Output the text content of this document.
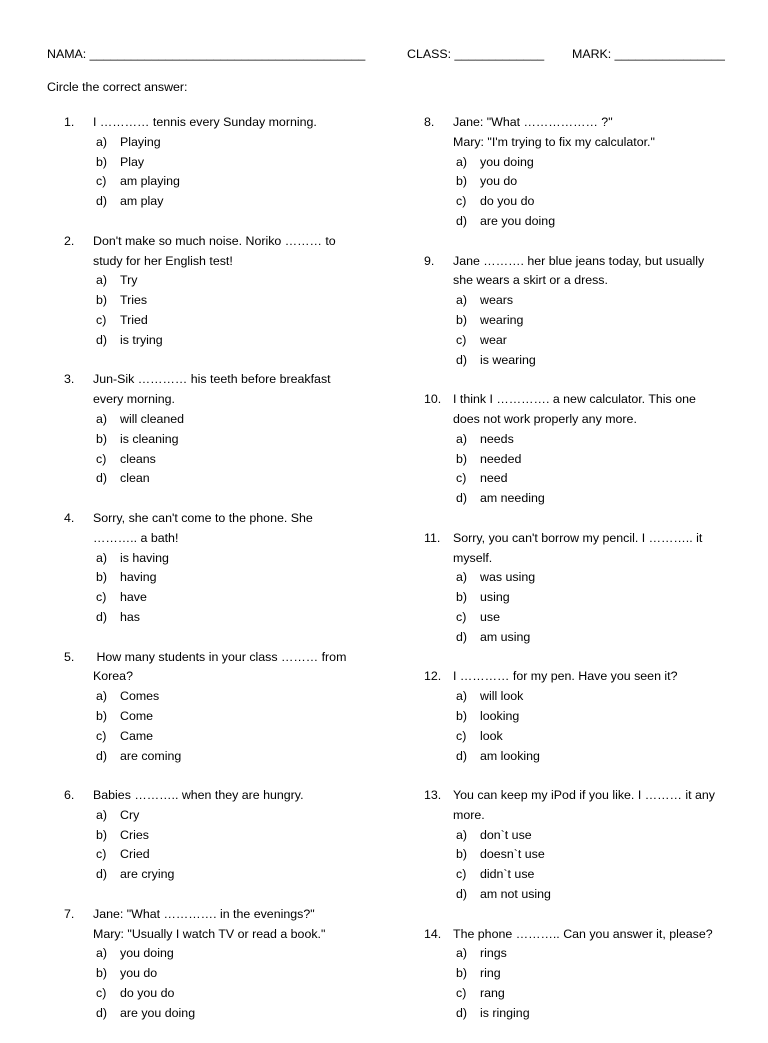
NAMA: ________________________________________	CLASS: _____________ MARK: ________________
Circle the correct answer:
1. I ………… tennis every Sunday morning.
a) Playing
b) Play
c) am playing
d) am play
2. Don't make so much noise. Noriko ……… to
study for her English test!
a) Try
b) Tries
c) Tried
d) is trying
3. Jun-Sik ………… his teeth before breakfast
every morning.
a) will cleaned
b) is cleaning
c) cleans
d) clean
4. Sorry, she can't come to the phone. She
……….. a bath!
a) is having
b) having
c) have
d) has
5. How many students in your class ……… from
Korea?
a) Comes
b) Come
c) Came
d) are coming
6. Babies ……….. when they are hungry.
a) Cry
b) Cries
c) Cried
d) are crying
7. Jane: "What …………. in the evenings?"
Mary: "Usually I watch TV or read a book."
a) you doing
b) you do
c) do you do
d) are you doing
8. Jane: "What ……………… ?"
Mary: "I'm trying to fix my calculator."
a) you doing
b) you do
c) do you do
d) are you doing
9. Jane ………. her blue jeans today, but usually
she wears a skirt or a dress.
a) wears
b) wearing
c) wear
d) is wearing
10. I think I …………. a new calculator. This one
does not work properly any more.
a) needs
b) needed
c) need
d) am needing
11. Sorry, you can't borrow my pencil. I ……….. it
myself.
a) was using
b) using
c) use
d) am using
12. I ………… for my pen. Have you seen it?
a) will look
b) looking
c) look
d) am looking
13. You can keep my iPod if you like. I ……… it any
more.
a) don`t use
b) doesn`t use
c) didn`t use
d) am not using
14. The phone ……….. Can you answer it, please?
a) rings
b) ring
c) rang
d) is ringing
